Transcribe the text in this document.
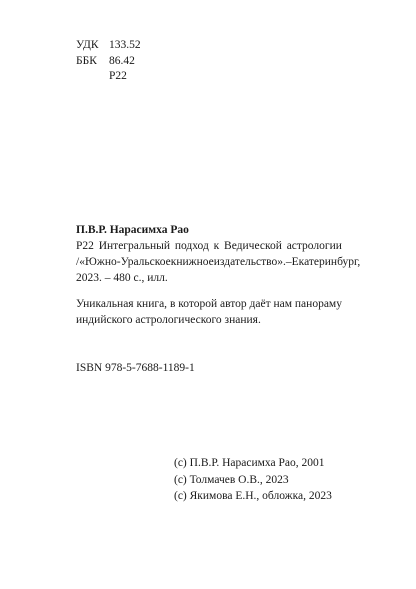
УДК 133.52
ББК	86.42
Р22
П.В.Р. Нарасимха Рао
Р22 Интегральный подход к Ведической астрологии
/«Южно-Уральское книжное издательство». – Екатеринбург,
2023. – 480 с., илл.
Уникальная книга, в которой автор даёт нам панораму
индийского астрологического знания.
ISBN 978-5-7688-1189-1
(c) П.В.Р. Нарасимха Рао, 2001
(c) Толмачев О.В., 2023
(c) Якимова Е.Н., обложка, 2023
